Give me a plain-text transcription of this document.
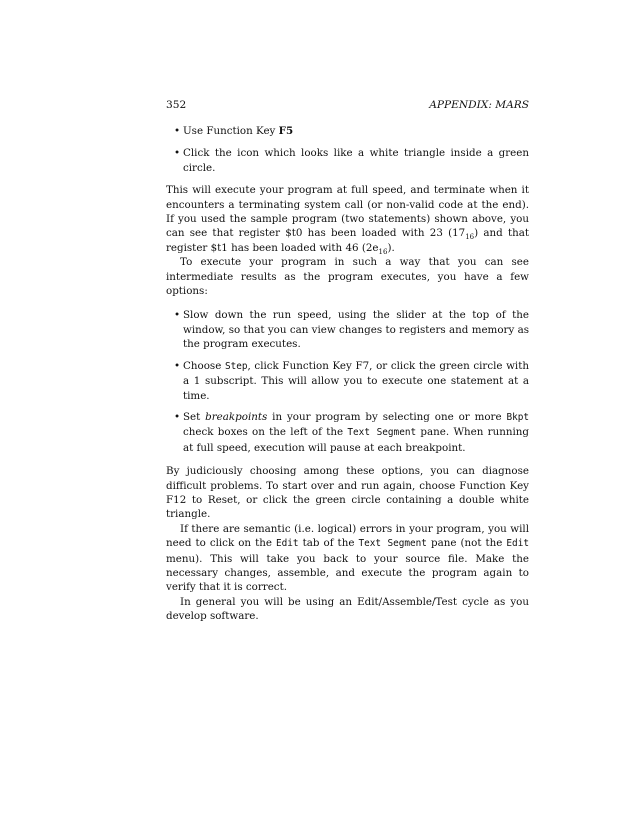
352	APPENDIX: MARS
• Use Function Key F5
• Click the icon which looks like a white triangle inside a green circle.

This will execute your program at full speed, and terminate when it encounters a terminating system call (or non-valid code at the end). If you used the sample program (two statements) shown above, you can see that register $t0 has been loaded with 23 $(17_{16})$ and that register $t1 has been loaded with 46 $(2e_{16})$.

To execute your program in such a way that you can see intermediate results as the program executes, you have a few options:

• Slow down the run speed, using the slider at the top of the window, so that you can view changes to registers and memory as the program executes.
• Choose Step, click Function Key F7, or click the green circle with a 1 subscript. This will allow you to execute one statement at a time.
• Set breakpoints in your program by selecting one or more Bkpt check boxes on the left of the Text Segment pane. When running at full speed, execution will pause at each breakpoint.

By judiciously choosing among these options, you can diagnose difficult problems. To start over and run again, choose Function Key F12 to Reset, or click the green circle containing a double white triangle.

If there are semantic (i.e. logical) errors in your program, you will need to click on the Edit tab of the Text Segment pane (not the Edit menu). This will take you back to your source file. Make the necessary changes, assemble, and execute the program again to verify that it is correct.

In general you will be using an Edit/Assemble/Test cycle as you develop software.
